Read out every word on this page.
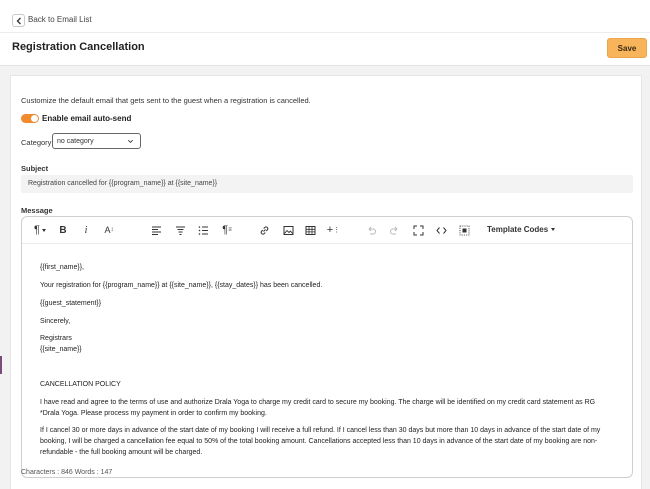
Back to Email List
Registration Cancellation	Save
Customize the default email that gets sent to the guest when a registration is cancelled.
Enable email auto-send
Category no category
Subject
Registration cancelled for {{program_name}} at {{site_name}}
Message
¶ B	i	A ↕	¶ ≡	+ ⋮	Template Codes
{{first_name}},
Your registration for {{program_name}} at {{site_name}}, {{stay_dates}} has been cancelled.
{{guest_statement}}
Sincerely,
Registrars
{{site_name}}
CANCELLATION POLICY
I have read and agree to the terms of use and authorize Drala Yoga to charge my credit card to secure my booking. The charge will be identified on my credit card statement as RG
*Drala Yoga. Please process my payment in order to confirm my booking.
If I cancel 30 or more days in advance of the start date of my booking I will receive a full refund. If I cancel less than 30 days but more than 10 days in advance of the start date of my
booking, I will be charged a cancellation fee equal to 50% of the total booking amount. Cancellations accepted less than 10 days in advance of the start date of my booking are non-
refundable - the full booking amount will be charged.
Characters : 846 Words : 147
